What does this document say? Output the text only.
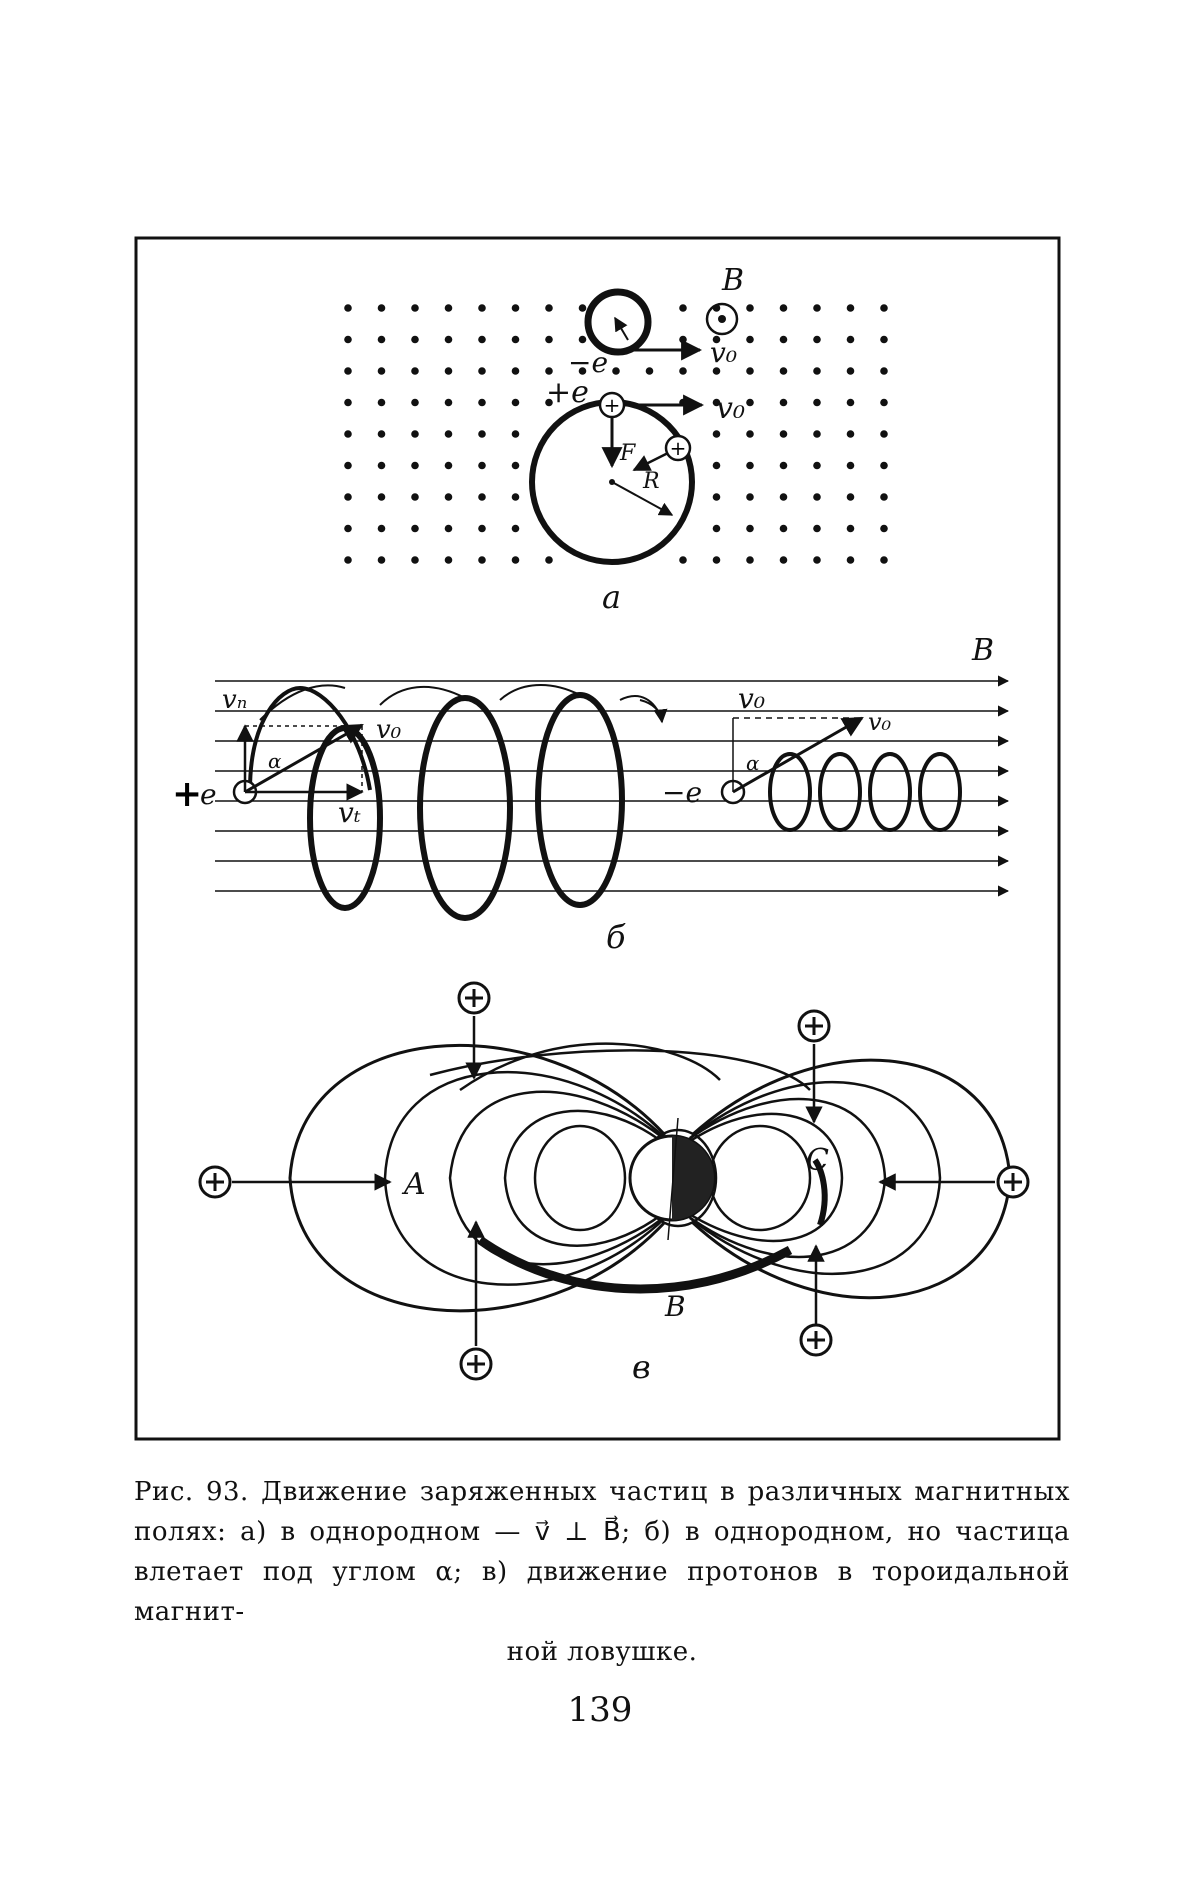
+
+
B
−e	v₀
+e	v₀
F
R
а
B
+
e
vₙ
v₀
α
vₜ
−e
v₀
v₀
α
б
A
B
C
в
Рис. 93. Движение заряженных частиц в различных магнитных полях: а) в однородном — v⃗ ⊥ B⃗; б) в однородном, но частица влетает под углом α; в) движение протонов в тороидальной магнит-
ной ловушке.
139
